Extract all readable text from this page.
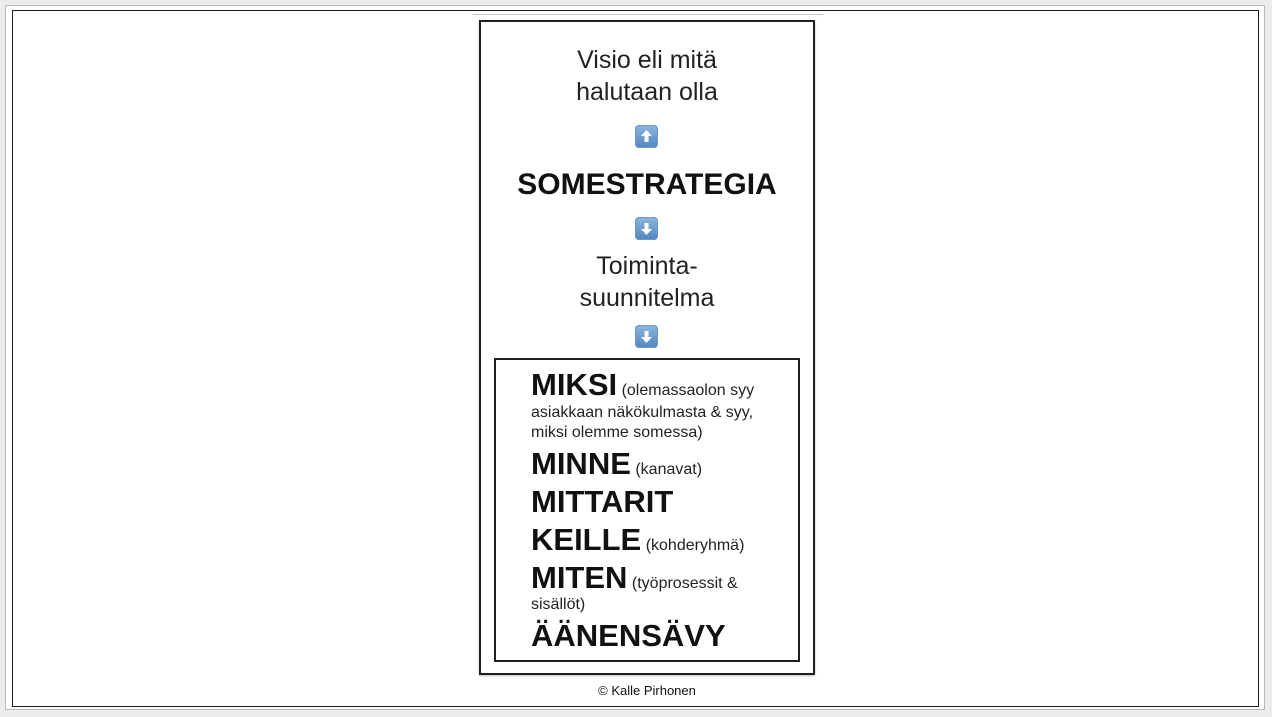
Visio eli mitä
halutaan olla
SOMESTRATEGIA
Toiminta-
suunnitelma
MIKSI (olemassaolon syy
asiakkaan näkökulmasta & syy,
miksi olemme somessa)
MINNE (kanavat)
MITTARIT
KEILLE (kohderyhmä)
MITEN (työprosessit &
sisällöt)
ÄÄNENSÄVY
© Kalle Pirhonen
